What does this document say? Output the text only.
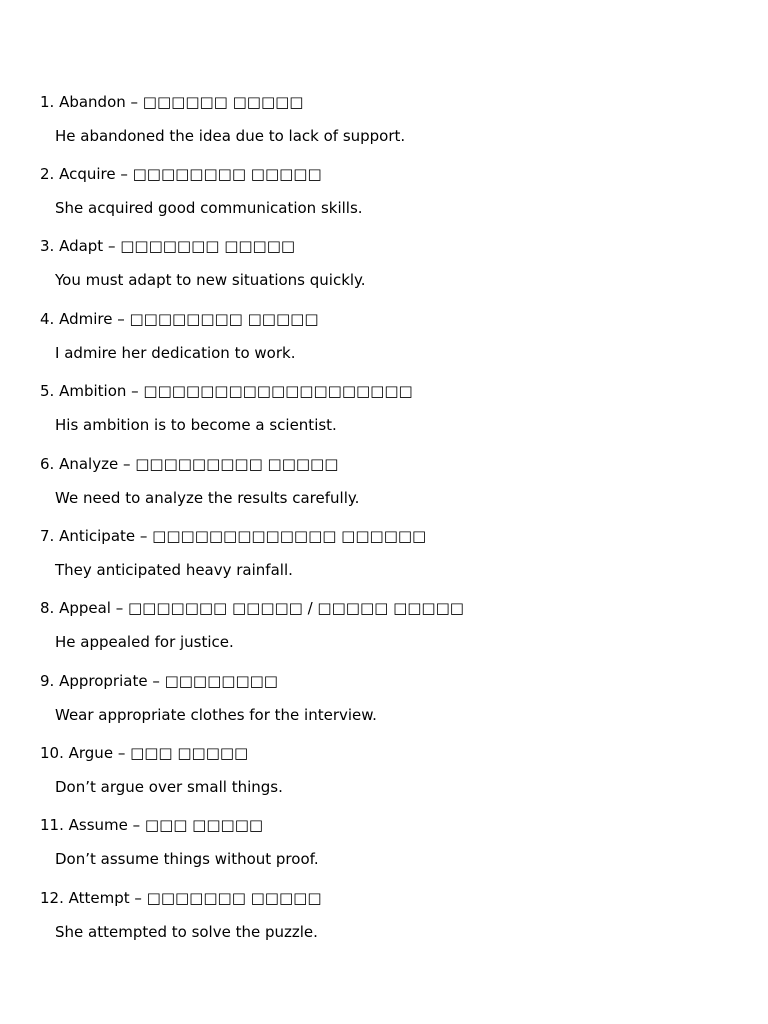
1. Abandon – □□□□□□ □□□□□
He abandoned the idea due to lack of support.
2. Acquire – □□□□□□□□ □□□□□
She acquired good communication skills.
3. Adapt – □□□□□□□ □□□□□
You must adapt to new situations quickly.
4. Admire – □□□□□□□□ □□□□□
I admire her dedication to work.
5. Ambition – □□□□□□□□□□□□□□□□□□□
His ambition is to become a scientist.
6. Analyze – □□□□□□□□□ □□□□□
We need to analyze the results carefully.
7. Anticipate – □□□□□□□□□□□□□ □□□□□□
They anticipated heavy rainfall.
8. Appeal – □□□□□□□ □□□□□ / □□□□□ □□□□□
He appealed for justice.
9. Appropriate – □□□□□□□□
Wear appropriate clothes for the interview.
10. Argue – □□□ □□□□□
Don’t argue over small things.
11. Assume – □□□ □□□□□
Don’t assume things without proof.
12. Attempt – □□□□□□□ □□□□□
She attempted to solve the puzzle.
